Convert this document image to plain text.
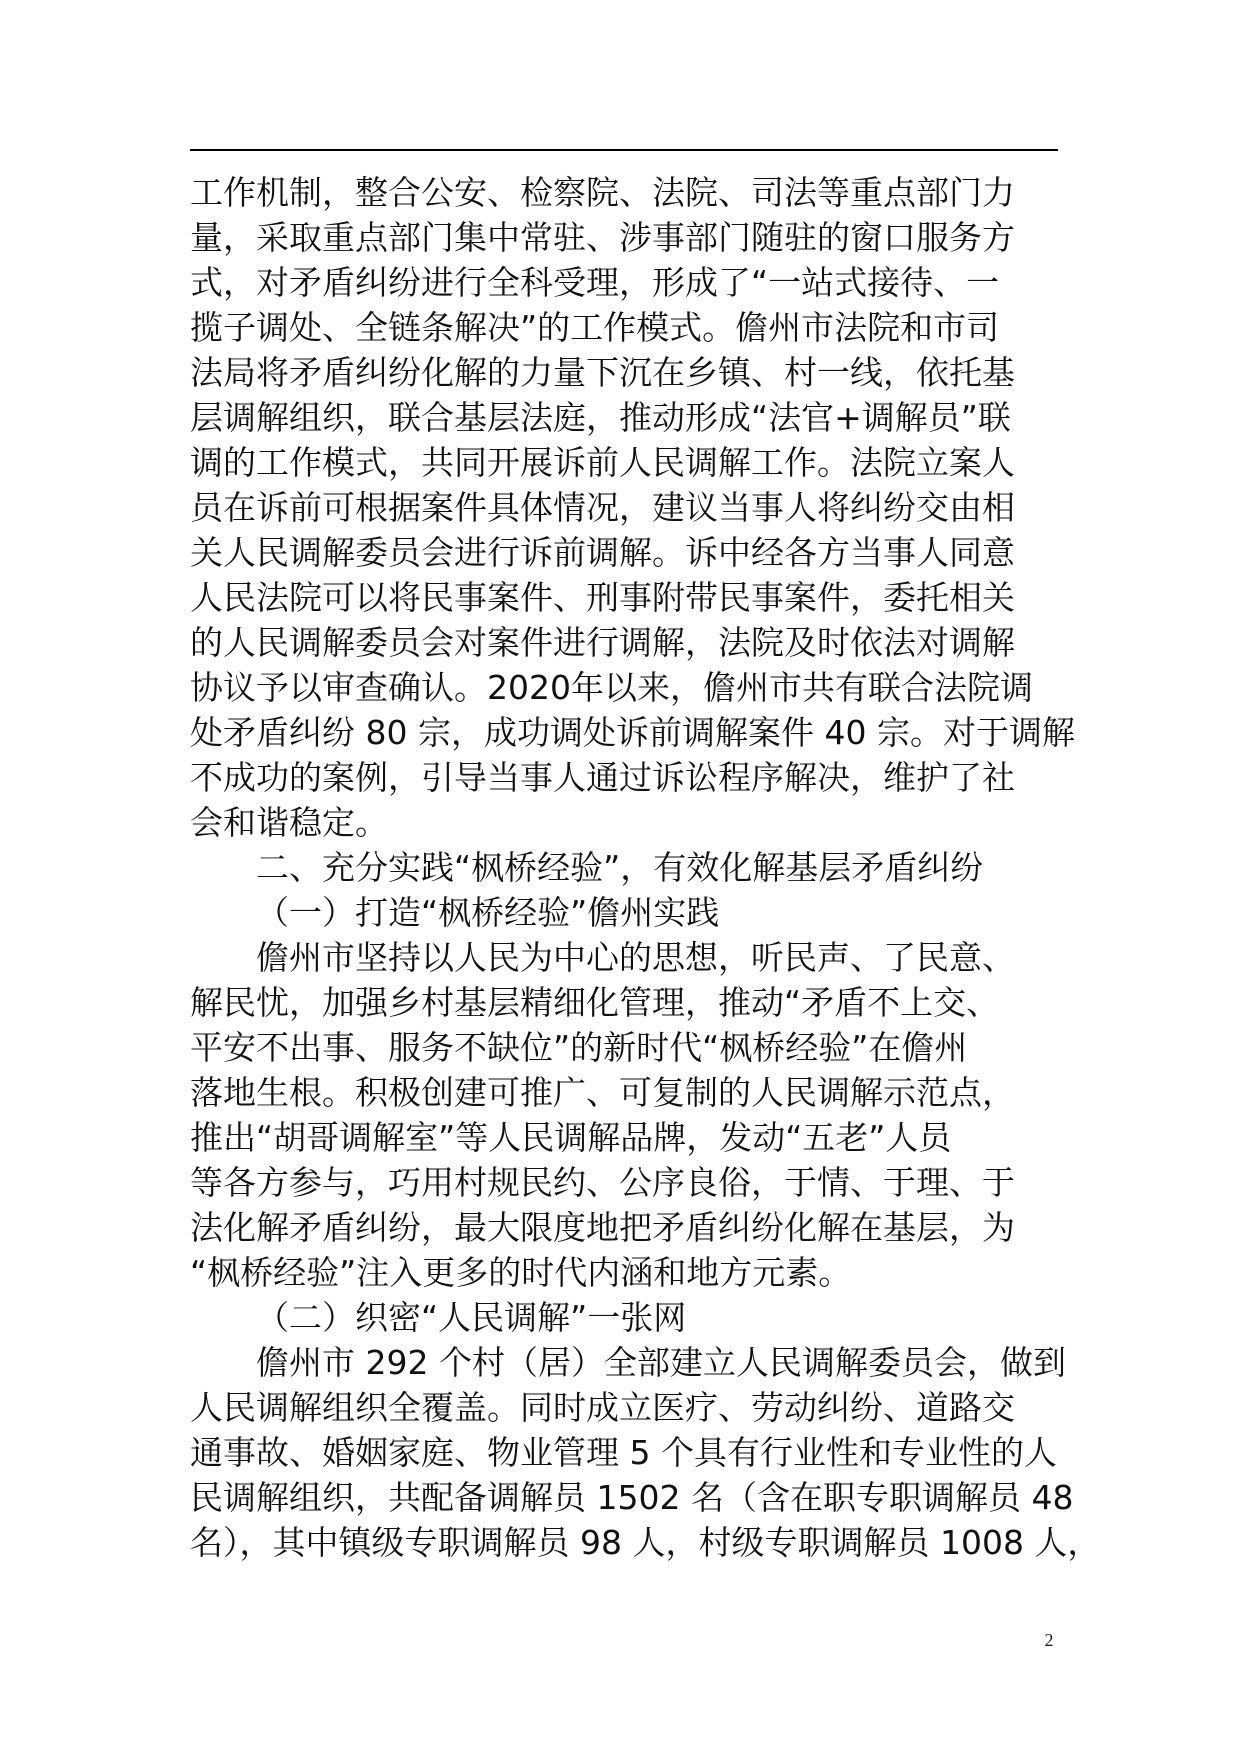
工作机制，整合公安、检察院、法院、司法等重点部门力
量，采取重点部门集中常驻、涉事部门随驻的窗口服务方
式，对矛盾纠纷进行全科受理，形成了“一站式接待、一
揽子调处、全链条解决”的工作模式。儋州市法院和市司
法局将矛盾纠纷化解的力量下沉在乡镇、村一线，依托基
层调解组织，联合基层法庭，推动形成“法官+调解员”联
调的工作模式，共同开展诉前人民调解工作。法院立案人
员在诉前可根据案件具体情况，建议当事人将纠纷交由相
关人民调解委员会进行诉前调解。诉中经各方当事人同意
人民法院可以将民事案件、刑事附带民事案件，委托相关
的人民调解委员会对案件进行调解，法院及时依法对调解
协议予以审查确认。2020年以来，儋州市共有联合法院调
处矛盾纠纷 80 宗，成功调处诉前调解案件 40 宗。对于调解
不成功的案例，引导当事人通过诉讼程序解决，维护了社
会和谐稳定。
二、充分实践“枫桥经验”，有效化解基层矛盾纠纷
（一）打造“枫桥经验”儋州实践
儋州市坚持以人民为中心的思想，听民声、了民意、
解民忧，加强乡村基层精细化管理，推动“矛盾不上交、
平安不出事、服务不缺位”的新时代“枫桥经验”在儋州
落地生根。积极创建可推广、可复制的人民调解示范点，
推出“胡哥调解室”等人民调解品牌，发动“五老”人员
等各方参与，巧用村规民约、公序良俗，于情、于理、于
法化解矛盾纠纷，最大限度地把矛盾纠纷化解在基层，为
“枫桥经验”注入更多的时代内涵和地方元素。
（二）织密“人民调解”一张网
儋州市 292 个村（居）全部建立人民调解委员会，做到
人民调解组织全覆盖。同时成立医疗、劳动纠纷、道路交
通事故、婚姻家庭、物业管理 5 个具有行业性和专业性的人
民调解组织，共配备调解员 1502 名（含在职专职调解员 48
名），其中镇级专职调解员 98 人，村级专职调解员 1008 人，
2
